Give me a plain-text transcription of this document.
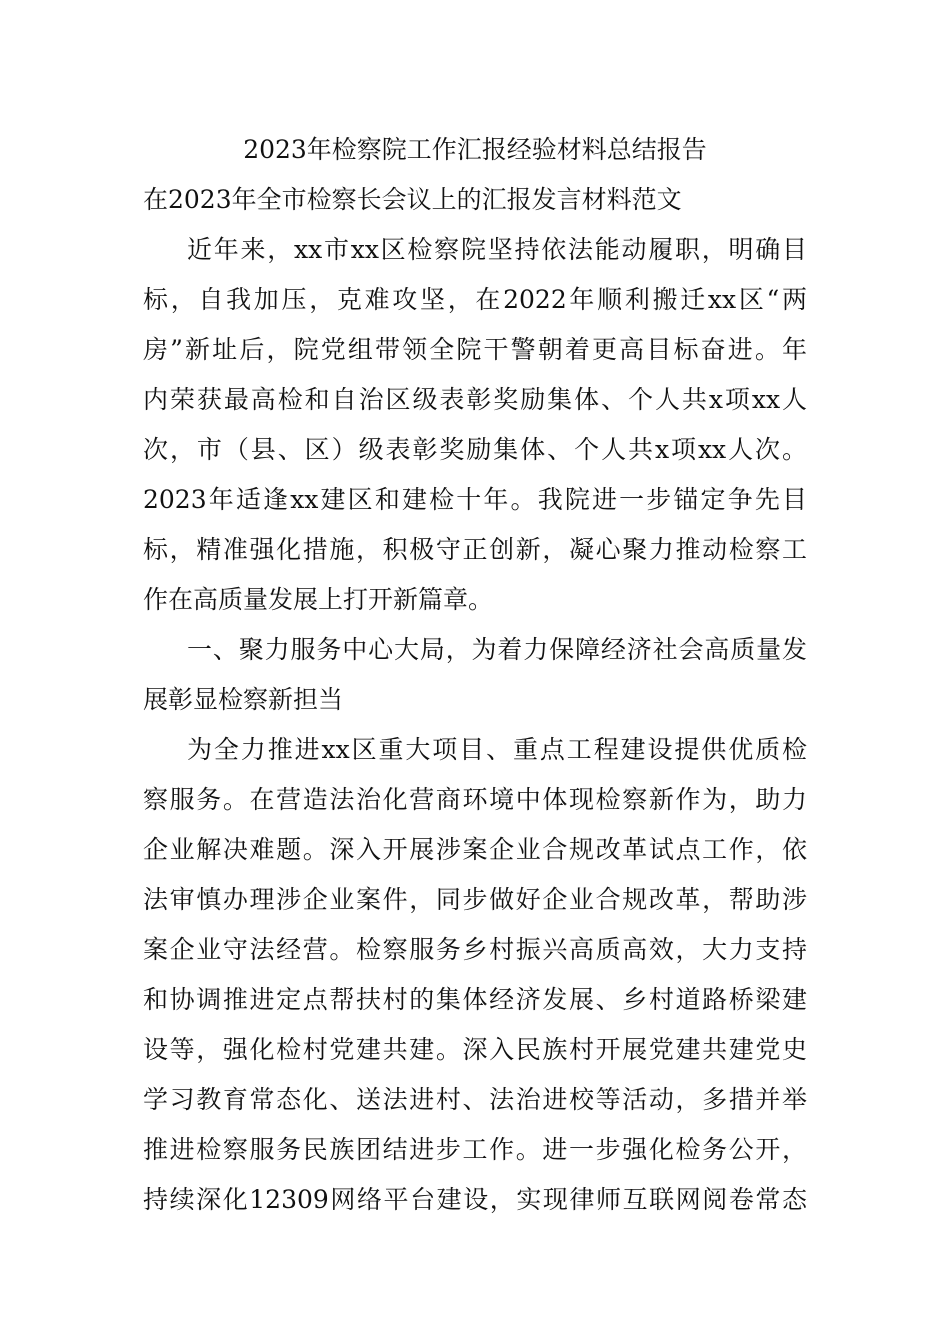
2023年检察院工作汇报经验材料总结报告
在2023年全市检察长会议上的汇报发言材料范文
近年来，xx市xx区检察院坚持依法能动履职，明确目
标，自我加压，克难攻坚，在2022年顺利搬迁xx区“两
房”新址后，院党组带领全院干警朝着更高目标奋进。年
内荣获最高检和自治区级表彰奖励集体、个人共x项xx人
次，市（县、区）级表彰奖励集体、个人共x项xx人次。
2023年适逢xx建区和建检十年。我院进一步锚定争先目
标，精准强化措施，积极守正创新，凝心聚力推动检察工
作在高质量发展上打开新篇章。
一、聚力服务中心大局，为着力保障经济社会高质量发
展彰显检察新担当
为全力推进xx区重大项目、重点工程建设提供优质检
察服务。在营造法治化营商环境中体现检察新作为，助力
企业解决难题。深入开展涉案企业合规改革试点工作，依
法审慎办理涉企业案件，同步做好企业合规改革，帮助涉
案企业守法经营。检察服务乡村振兴高质高效，大力支持
和协调推进定点帮扶村的集体经济发展、乡村道路桥梁建
设等，强化检村党建共建。深入民族村开展党建共建党史
学习教育常态化、送法进村、法治进校等活动，多措并举
推进检察服务民族团结进步工作。进一步强化检务公开，
持续深化12309网络平台建设，实现律师互联网阅卷常态
